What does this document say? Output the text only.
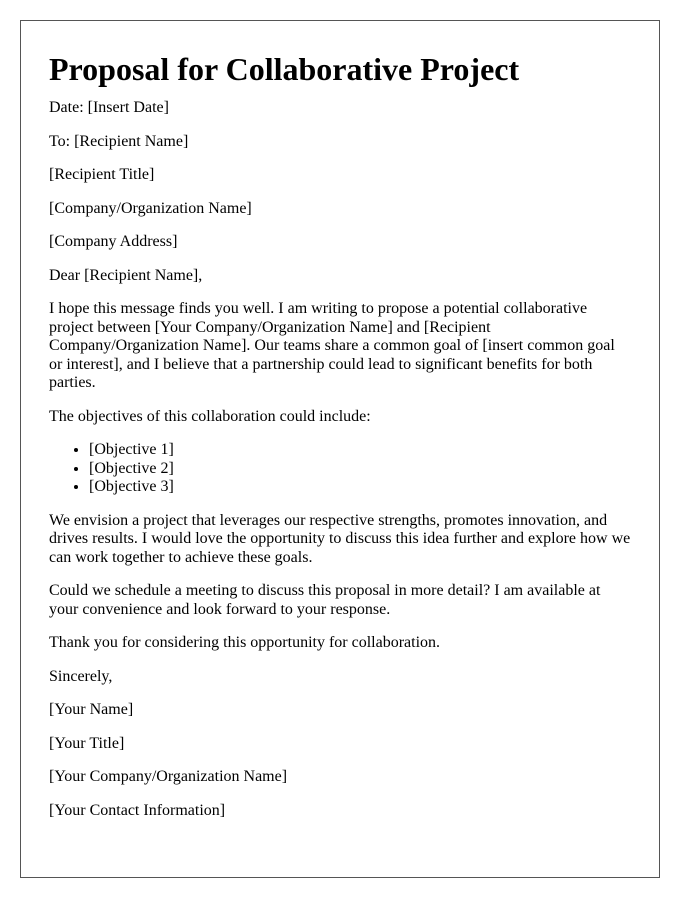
Proposal for Collaborative Project

Date: [Insert Date]

To: [Recipient Name]

[Recipient Title]

[Company/Organization Name]

[Company Address]

Dear [Recipient Name],

I hope this message finds you well. I am writing to propose a potential collaborative project between [Your Company/Organization Name] and [Recipient Company/Organization Name]. Our teams share a common goal of [insert common goal or interest], and I believe that a partnership could lead to significant benefits for both parties.

The objectives of this collaboration could include:

• [Objective 1]
• [Objective 2]
• [Objective 3]

We envision a project that leverages our respective strengths, promotes innovation, and drives results. I would love the opportunity to discuss this idea further and explore how we can work together to achieve these goals.

Could we schedule a meeting to discuss this proposal in more detail? I am available at your convenience and look forward to your response.

Thank you for considering this opportunity for collaboration.

Sincerely,

[Your Name]

[Your Title]

[Your Company/Organization Name]

[Your Contact Information]
